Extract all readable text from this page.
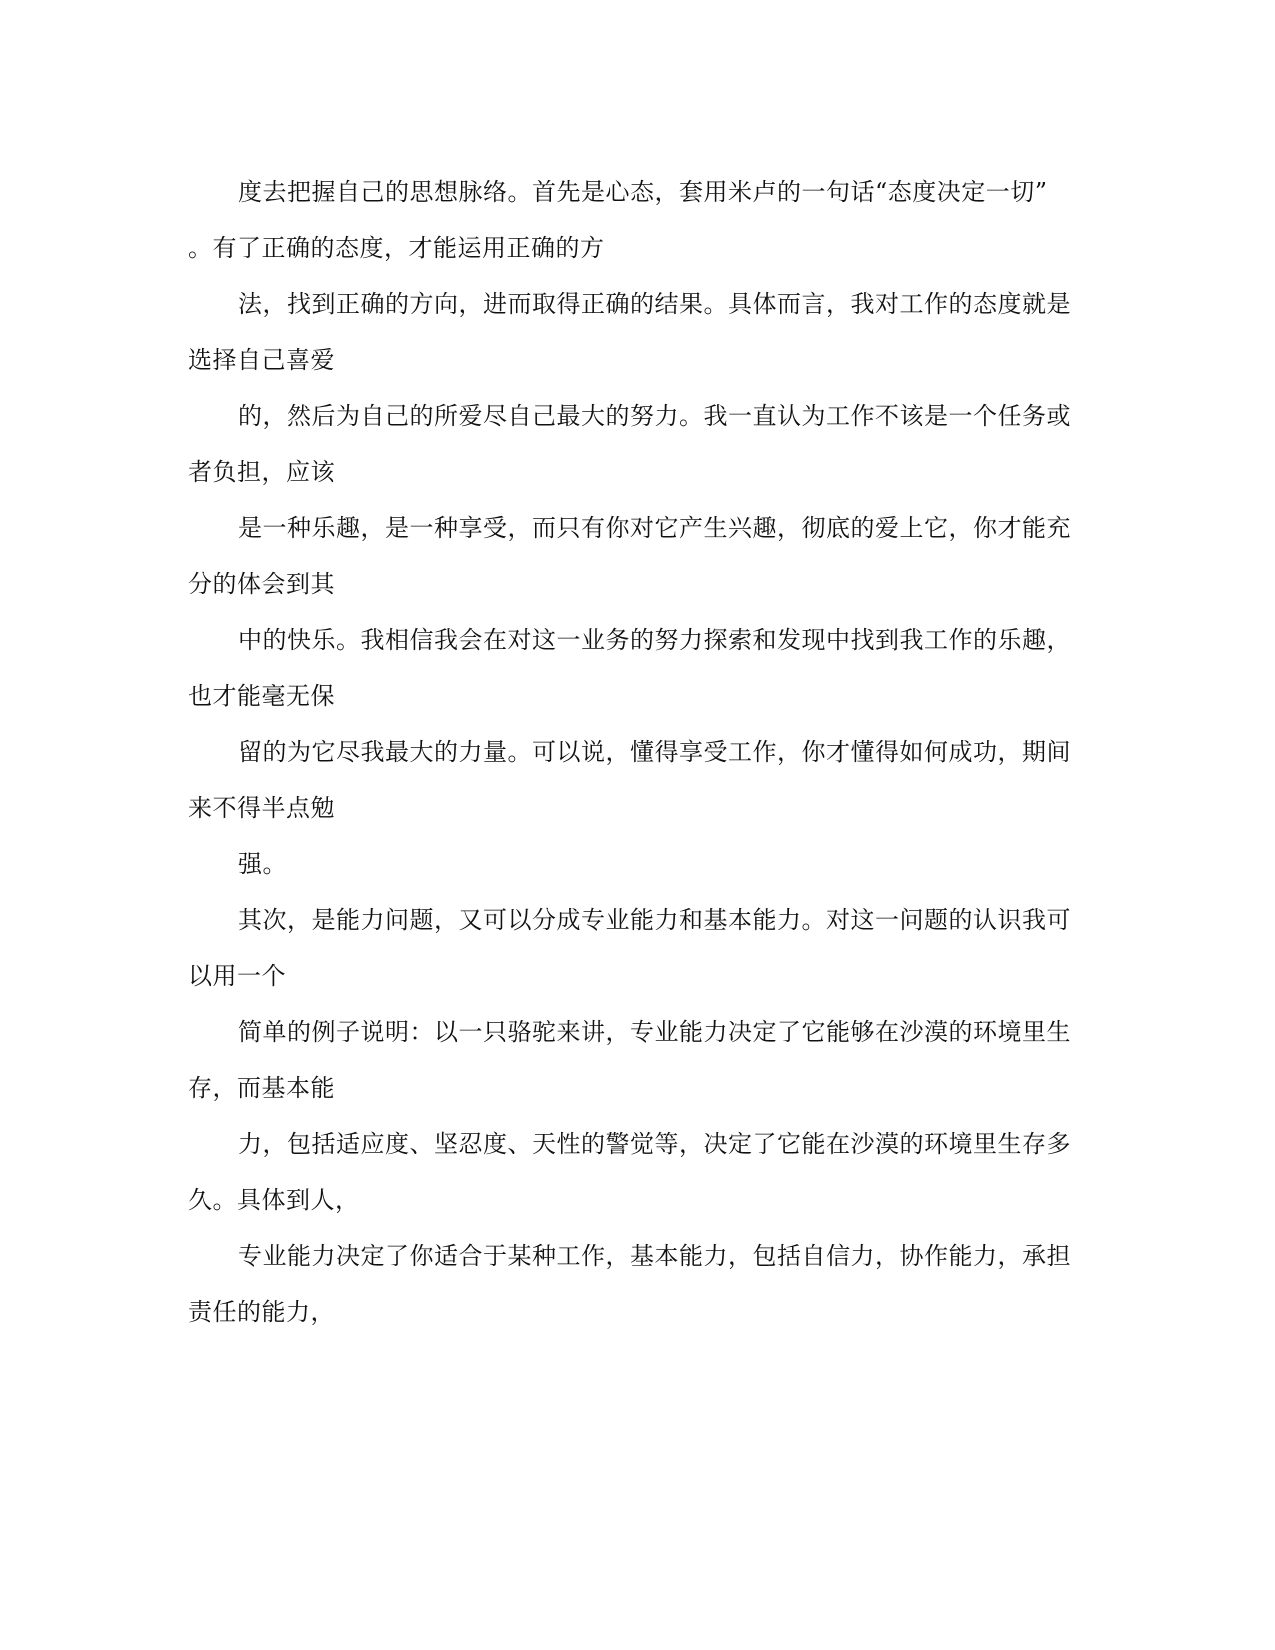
度去把握自己的思想脉络。首先是心态，套用米卢的一句话“态度决定一切”
。有了正确的态度，才能运用正确的方
法，找到正确的方向，进而取得正确的结果。具体而言，我对工作的态度就是
选择自己喜爱
的，然后为自己的所爱尽自己最大的努力。我一直认为工作不该是一个任务或
者负担，应该
是一种乐趣，是一种享受，而只有你对它产生兴趣，彻底的爱上它，你才能充
分的体会到其
中的快乐。我相信我会在对这一业务的努力探索和发现中找到我工作的乐趣，
也才能毫无保
留的为它尽我最大的力量。可以说，懂得享受工作，你才懂得如何成功，期间
来不得半点勉
强。
其次，是能力问题，又可以分成专业能力和基本能力。对这一问题的认识我可
以用一个
简单的例子说明：以一只骆驼来讲，专业能力决定了它能够在沙漠的环境里生
存，而基本能
力，包括适应度、坚忍度、天性的警觉等，决定了它能在沙漠的环境里生存多
久。具体到人，
专业能力决定了你适合于某种工作，基本能力，包括自信力，协作能力，承担
责任的能力，
